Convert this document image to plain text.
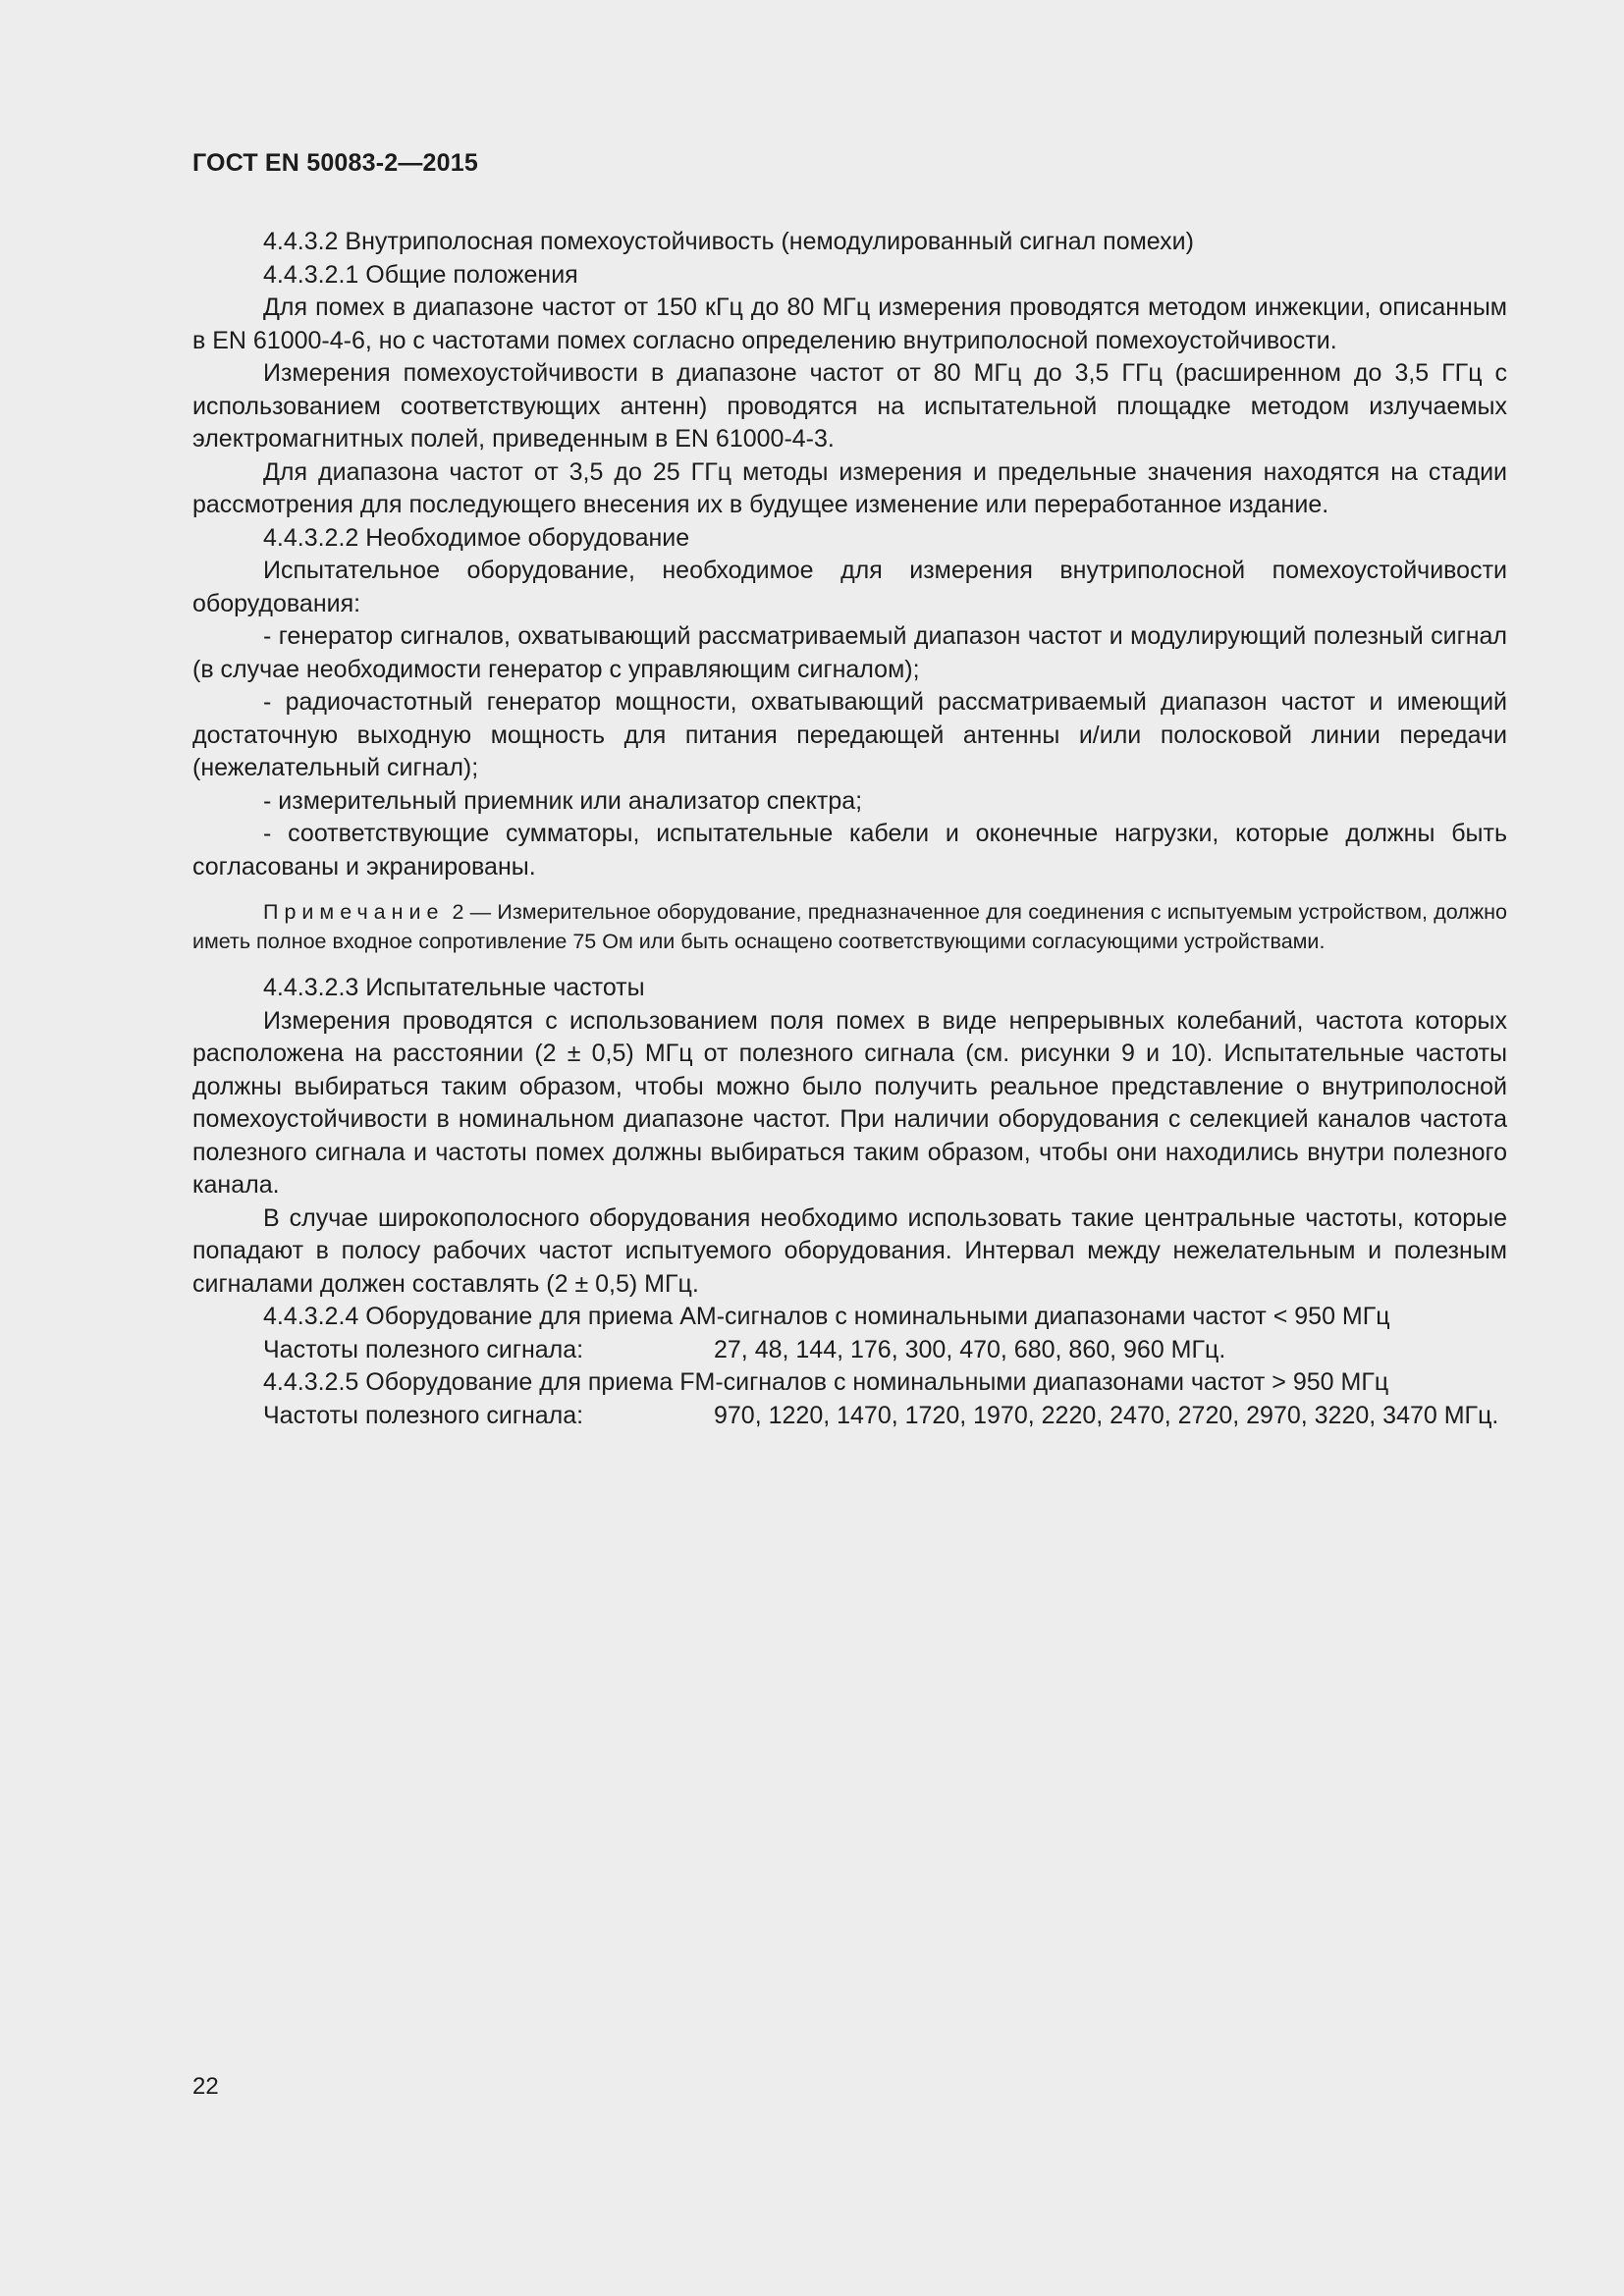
ГОСТ EN 50083-2—2015

4.4.3.2 Внутриполосная помехоустойчивость (немодулированный сигнал помехи)

4.4.3.2.1 Общие положения

Для помех в диапазоне частот от 150 кГц до 80 МГц измерения проводятся методом инжекции, описанным в EN 61000-4-6, но с частотами помех согласно определению внутриполосной помехоустойчивости.

Измерения помехоустойчивости в диапазоне частот от 80 МГц до 3,5 ГГц (расширенном до 3,5 ГГц с использованием соответствующих антенн) проводятся на испытательной площадке методом излучаемых электромагнитных полей, приведенным в EN 61000-4-3.

Для диапазона частот от 3,5 до 25 ГГц методы измерения и предельные значения находятся на стадии рассмотрения для последующего внесения их в будущее изменение или переработанное издание.

4.4.3.2.2 Необходимое оборудование

Испытательное оборудование, необходимое для измерения внутриполосной помехоустойчивости оборудования:

- генератор сигналов, охватывающий рассматриваемый диапазон частот и модулирующий полезный сигнал (в случае необходимости генератор с управляющим сигналом);

- радиочастотный генератор мощности, охватывающий рассматриваемый диапазон частот и имеющий достаточную выходную мощность для питания передающей антенны и/или полосковой линии передачи (нежелательный сигнал);

- измерительный приемник или анализатор спектра;

- соответствующие сумматоры, испытательные кабели и оконечные нагрузки, которые должны быть согласованы и экранированы.

Примечание 2 — Измерительное оборудование, предназначенное для соединения с испытуемым устройством, должно иметь полное входное сопротивление 75 Ом или быть оснащено соответствующими согласующими устройствами.

4.4.3.2.3 Испытательные частоты

Измерения проводятся с использованием поля помех в виде непрерывных колебаний, частота которых расположена на расстоянии (2 ± 0,5) МГц от полезного сигнала (см. рисунки 9 и 10). Испытательные частоты должны выбираться таким образом, чтобы можно было получить реальное представление о внутриполосной помехоустойчивости в номинальном диапазоне частот. При наличии оборудования с селекцией каналов частота полезного сигнала и частоты помех должны выбираться таким образом, чтобы они находились внутри полезного канала.

В случае широкополосного оборудования необходимо использовать такие центральные частоты, которые попадают в полосу рабочих частот испытуемого оборудования. Интервал между нежелательным и полезным сигналами должен составлять (2 ± 0,5) МГц.

4.4.3.2.4 Оборудование для приема АМ-сигналов с номинальными диапазонами частот < 950 МГц

Частоты полезного сигнала:	27, 48, 144, 176, 300, 470, 680, 860, 960 МГц.

4.4.3.2.5 Оборудование для приема FM-сигналов с номинальными диапазонами частот > 950 МГц

Частоты полезного сигнала:	970, 1220, 1470, 1720, 1970, 2220, 2470, 2720, 2970, 3220, 3470 МГц.
22
